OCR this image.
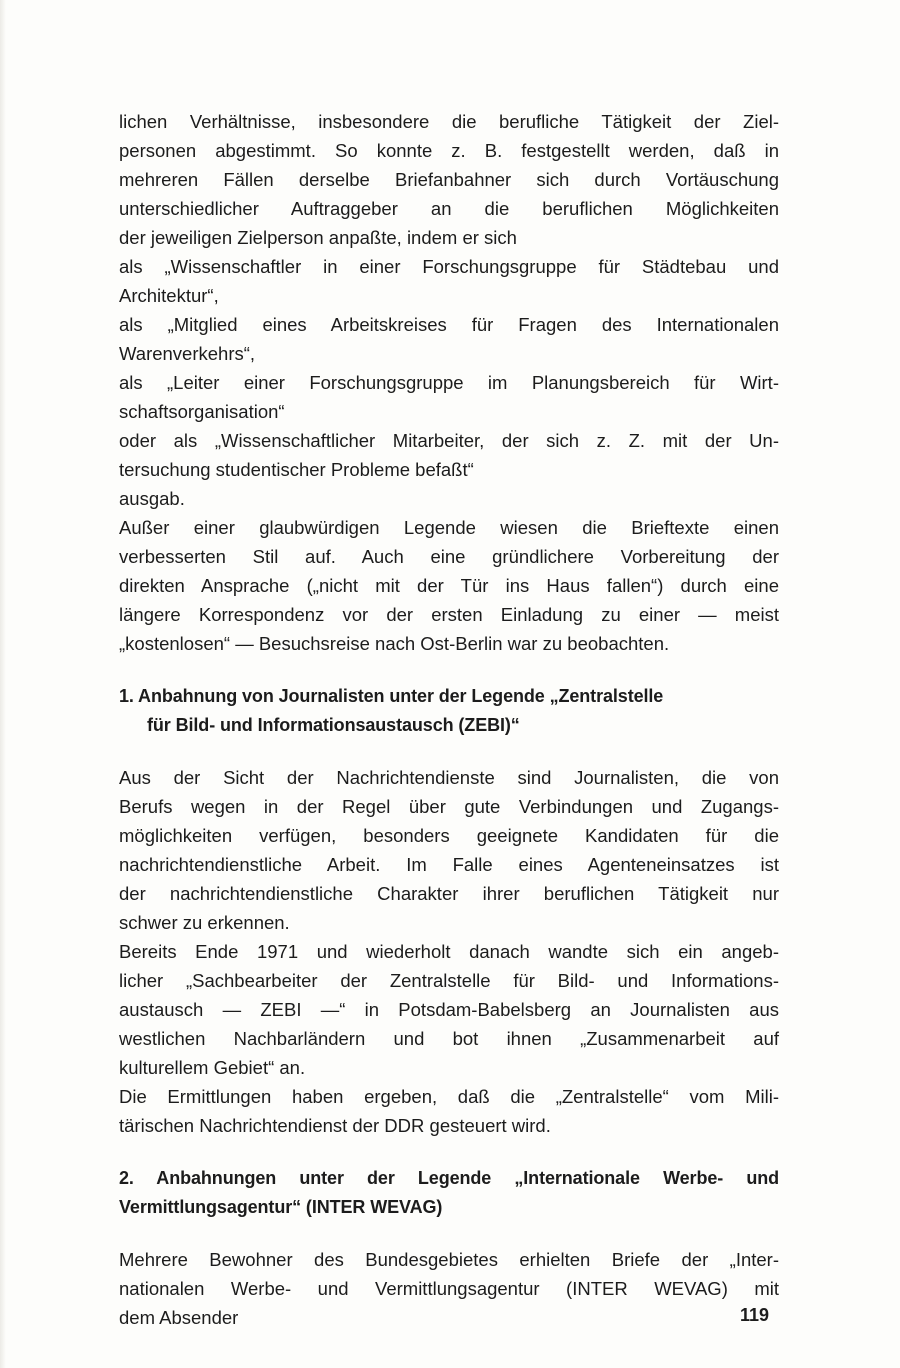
lichen Verhältnisse, insbesondere die berufliche Tätigkeit der Ziel-
personen abgestimmt. So konnte z. B. festgestellt werden, daß in
mehreren Fällen derselbe Briefanbahner sich durch Vortäuschung
unterschiedlicher Auftraggeber an die beruflichen Möglichkeiten
der jeweiligen Zielperson anpaßte, indem er sich
als „Wissenschaftler in einer Forschungsgruppe für Städtebau und
Architektur“,
als „Mitglied eines Arbeitskreises für Fragen des Internationalen
Warenverkehrs“,
als „Leiter einer Forschungsgruppe im Planungsbereich für Wirt-
schaftsorganisation“
oder als „Wissenschaftlicher Mitarbeiter, der sich z. Z. mit der Un-
tersuchung studentischer Probleme befaßt“
ausgab.
Außer einer glaubwürdigen Legende wiesen die Brieftexte einen
verbesserten Stil auf. Auch eine gründlichere Vorbereitung der
direkten Ansprache („nicht mit der Tür ins Haus fallen“) durch eine
längere Korrespondenz vor der ersten Einladung zu einer — meist
„kostenlosen“ — Besuchsreise nach Ost-Berlin war zu beobachten.
1. Anbahnung von Journalisten unter der Legende „Zentralstelle
für Bild- und Informationsaustausch (ZEBI)“
Aus der Sicht der Nachrichtendienste sind Journalisten, die von
Berufs wegen in der Regel über gute Verbindungen und Zugangs-
möglichkeiten verfügen, besonders geeignete Kandidaten für die
nachrichtendienstliche Arbeit. Im Falle eines Agenteneinsatzes ist
der nachrichtendienstliche Charakter ihrer beruflichen Tätigkeit nur
schwer zu erkennen.
Bereits Ende 1971 und wiederholt danach wandte sich ein angeb-
licher „Sachbearbeiter der Zentralstelle für Bild- und Informations-
austausch — ZEBI —“ in Potsdam-Babelsberg an Journalisten aus
westlichen Nachbarländern und bot ihnen „Zusammenarbeit auf
kulturellem Gebiet“ an.
Die Ermittlungen haben ergeben, daß die „Zentralstelle“ vom Mili-
tärischen Nachrichtendienst der DDR gesteuert wird.
2. Anbahnungen unter der Legende „Internationale Werbe- und
Vermittlungsagentur“ (INTER WEVAG)
Mehrere Bewohner des Bundesgebietes erhielten Briefe der „Inter-
nationalen Werbe- und Vermittlungsagentur (INTER WEVAG) mit
dem Absender	119
